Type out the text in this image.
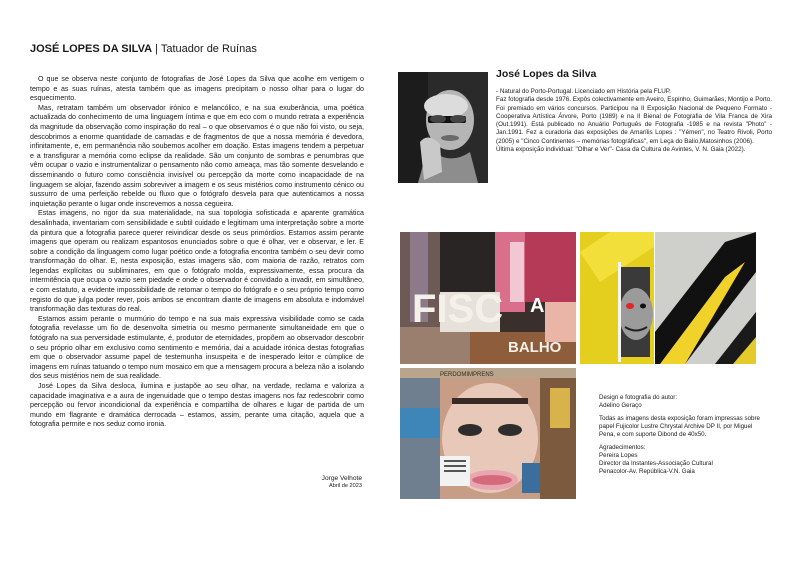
JOSÉ LOPES DA SILVA | Tatuador de Ruínas

O que se observa neste conjunto de fotografias de José Lopes da Silva que acolhe em vertigem o tempo e as suas ruínas, atesta também que as imagens precipitam o nosso olhar para o lugar do esquecimento.

Mas, retratam também um observador irónico e melancólico, e na sua exuberância, uma poética actualizada do conhecimento de uma linguagem íntima e que em eco com o mundo retrata a experiência da magnitude da observação como inspiração do real – o que observamos é o que não foi visto, ou seja, descobrimos a enorme quantidade de camadas e de fragmentos de que a nossa memória é devedora, infinitamente, e, em permanência não soubemos acolher em doação. Estas imagens tendem a perpetuar e a transfigurar a memória como eclipse da realidade. São um conjunto de sombras e penumbras que vêm ocupar o vazio e instrumentalizar o pensamento não como ameaça, mas tão somente desvelando e disseminando o futuro como consciência invisível ou percepção da morte como incapacidade de na linguagem se alojar, fazendo assim sobreviver a imagem e os seus mistérios como instrumento cénico ou sussurro de uma perfeição rebelde ou fluxo que o fotógrafo desvela para que autenticamos a nossa inquietação perante o lugar onde inscrevemos a nossa cegueira.

Estas imagens, no rigor da sua materialidade, na sua topologia sofisticada e aparente gramática desalinhada, inventariam com sensibilidade e subtil cuidado e legitimam uma interpretação sobre a morte da pintura que a fotografia parece querer reivindicar desde os seus primórdios. Estamos assim perante imagens que operam ou realizam espantosos enunciados sobre o que é olhar, ver e observar, e ler. E sobre a condição da linguagem como lugar poético onde a fotografia encontra também o seu devir como transformação do olhar. E, nesta exposição, estas imagens são, com maioria de razão, retratos com legendas explícitas ou subliminares, em que o fotógrafo molda, expressivamente, essa procura da intermitência que ocupa o vazio sem piedade e onde o observador é convidado a invadir, em simultâneo, e com estatuto, a evidente impossibilidade de retomar o tempo do fotógrafo e o seu próprio tempo como registo do que julga poder rever, pois ambos se encontram diante de imagens em absoluta e indomável transformação das texturas do real.

Estamos assim perante o murmúrio do tempo e na sua mais expressiva visibilidade como se cada fotografia revelasse um fio de desenvolta simetria ou mesmo permanente simultaneidade em que o fotógrafo na sua perversidade estimulante, é, produtor de eternidades, propõem ao observador descobrir o seu próprio olhar em exclusivo como sentimento e memória, dai a acuidade irónica destas fotografias em que o observador assume papel de testemunha insuspeita e de inesperado leitor e cúmplice de imagens em ruínas tatuando o tempo num mosaico em que a mensagem procura a beleza não a isolando dos seus mistérios nem de sua realidade.

José Lopes da Silva desloca, ilumina e justapõe ao seu olhar, na verdade, reclama e valoriza a capacidade imaginativa e a aura de ingenuidade que o tempo destas imagens nos faz redescobrir como percepção ou fervor incondicional da experiência e compartilha de olhares e lugar de partida de um mundo em flagrante e dramática derrocada – estamos, assim, perante uma citação, aquela que a fotografia permite e nos seduz como ironia.

Jorge Velhote
Abril de 2023
José Lopes da Silva

- Natural do Porto-Portugal. Licenciado em História pela FLUP.

Faz fotografia desde 1976. Expôs colectivamente em Aveiro, Espinho, Guimarães, Montijo e Porto. Foi premiado em vários concursos. Participou na II Exposição Nacional de Pequeno Formato - Cooperativa Artística Árvore, Porto (1989) e na II Bienal de Fotografia de Vila Franca de Xira (Out.1991). Está publicado no Anuário Português de Fotografia -1985 e na revista "Photo" - Jan.1991. Fez a curadoria das exposições de Amarílis Lopes : "Yémen", no Teatro Rivoli, Porto (2005) e "Cinco Continentes – memórias fotográficas", em Leça do Balio,Matosinhos (2006).

Última exposição individual: "Olhar e Ver"- Casa da Cultura de Avintes, V. N. Gaia (2022).

FISC A
BALHO
PERDOMIMPRENS

Design e fotografia do autor:
Adelino Geraço

Todas as imagens desta exposição foram impressas sobre papel Fujicolor Lustre Chrystal Archive DP II, por Miguel Pena, e com suporte Dibond de 40x50.

Agradecimentos:
Pereira Lopes
Director da Instantes-Associação Cultural
Penacolor-Av. República-V.N. Gaia
